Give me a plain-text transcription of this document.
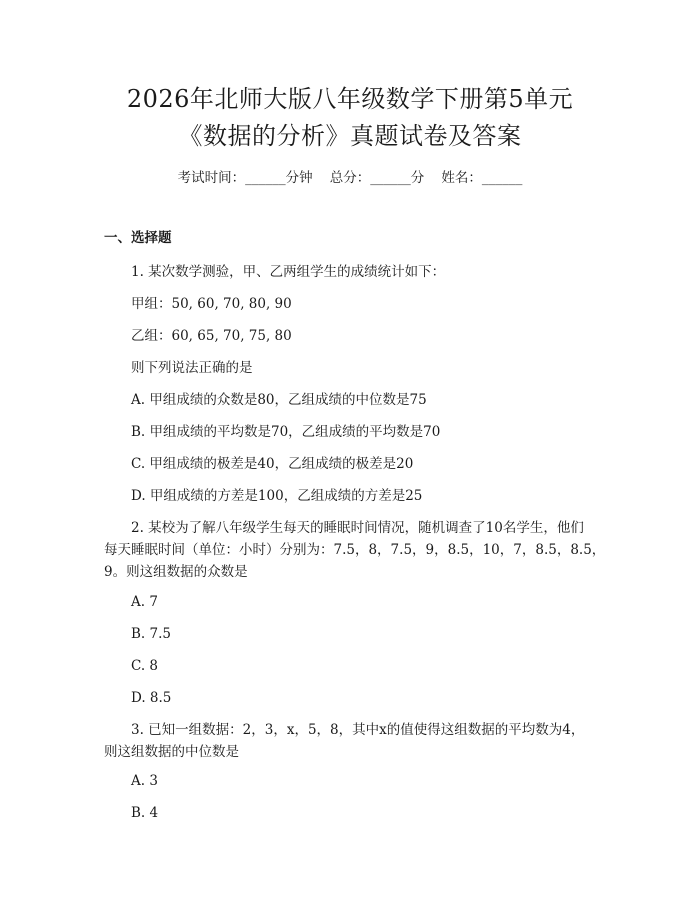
2026年北师大版八年级数学下册第5单元
《数据的分析》真题试卷及答案
考试时间：______分钟    总分：______分    姓名：______
一、选择题
1. 某次数学测验，甲、乙两组学生的成绩统计如下：
甲组：50, 60, 70, 80, 90
乙组：60, 65, 70, 75, 80
则下列说法正确的是
A. 甲组成绩的众数是80，乙组成绩的中位数是75
B. 甲组成绩的平均数是70，乙组成绩的平均数是70
C. 甲组成绩的极差是40，乙组成绩的极差是20
D. 甲组成绩的方差是100，乙组成绩的方差是25
2. 某校为了解八年级学生每天的睡眠时间情况，随机调查了10名学生，他们
每天睡眠时间（单位：小时）分别为：7.5，8，7.5，9，8.5，10，7，8.5，8.5，
9。则这组数据的众数是
A. 7
B. 7.5
C. 8
D. 8.5
3. 已知一组数据：2，3，x，5，8，其中x的值使得这组数据的平均数为4，
则这组数据的中位数是
A. 3
B. 4
